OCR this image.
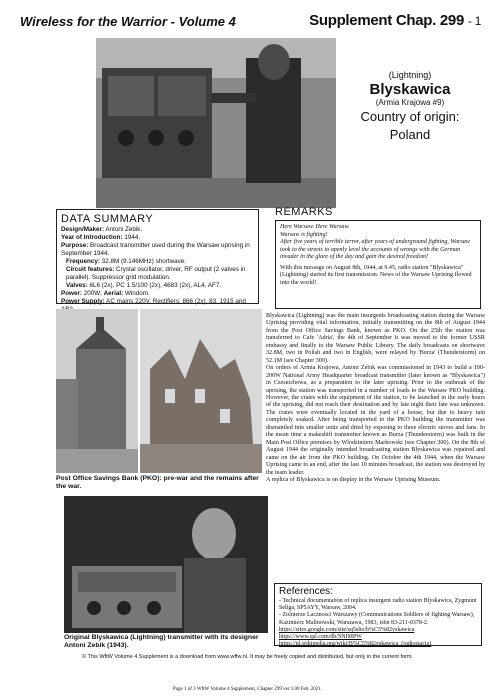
Wireless for the Warrior - Volume 4	Supplement Chap. 299 - 1
(Lightning)
Blyskawica
(Armia Krajowa #9)
Country of origin:
Poland
DATA SUMMARY
Design/Maker: Antoni Zebik.
Year of Introduction: 1944.
Purpose: Broadcast transmitter used during the Warsaw uprising in September 1944.
Frequency: 32.8M (9.146MHz) shortwave.
Circuit features: Crystal oscillator, driver, RF output (2 valves in parallel). Suppressor grid modulation.
Valves: 6L6 (2x), PC 1.5/100 (2x), 4683 (2x), AL4, AF7.
Power: 200W; Aerial: Windom.
Power Supply: AC mains 220V. Rectifiers: 866 (2x), 83, 1915 and
REMARKS
Here Warsaw. Here Warsaw.
Warsaw is fighting!
After five years of terrible terror, after years of underground fighting, Warsaw took to the streets to openly level the accounts of wrongs with the German invader in the glare of the day and gain the desired freedom!
With this message on August 8th, 1944, at 9.45, radio station "Blyskawica" (Lightning) started its first transmission. News of the Warsaw Uprising flowed into the world!

Blyskawica (Lightning) was the main insurgents broadcasting station during the Warsaw Uprising providing vital information, initially transmitting on the 8th of August 1944 from the Post Office Savings Bank, known as PKO. On the 25th the station was transferred to Cafe 'Adria', the 4th of September it was moved to the former USSR embassy and finally to the Warsaw Public Library. The daily broadcasts on shortwave 32.8M, two in Polish and two in English, were relayed by 'Burza' (Thunderstorm) on 52.1M (see Chapter 300).

On orders of Armia Krajowa, Antoni Zebik was commissioned in 1943 to build a 100-200W National Army Headquarter broadcast transmitter (later known as "Blyskawica") in Czestochowa, as a preparation to the later uprising. Prior to the outbreak of the uprising, the station was transported in a number of loads to the Warsaw PKO building. However, the crates with the equipment of the station, to be launched in the early hours of the uprising, did not reach their destination and by late night their fate was unknown. The crates were eventually located in the yard of a house, but due to heavy rain completely soaked. After being transported to the PKO building the transmitter was dismantled into smaller units and dried by exposing to three electric stoves and fans. In the mean time a makeshift transmitter known as Burza (Thunderstorm) was built in the Main Post Office premises by Wlodzimierz Markowski (see Chapter 300). On the 8th of August 1944 the originally intended broadcasting station Blyskawica was repaired and came on the air from the PKO building. On October the 4th 1944, when the Warsaw Uprising came to an end, after the last 10 minutes broadcast, the station was destroyed by the team leader.

A replica of Blyskawica is on display in the Warsaw Uprising Museum.

Post Office Savings Bank (PKO): pre-war and the remains after the war.
Original Blyskawica (Lightning) transmitter with its designer Antoni Zebik (1943).
References:
- Technical documentation of replica insurgent radio station Blyskawica, Zygmunt Seliga, SP5AYY, Warsaw, 2004.
- Zolnierze Lacznosci Warszawy (Communications Soldiers of fighting Warsaw), Kazimierz Malinowski, Warszawa, 1983, isbn 83-211-0378-2.
https://sites.google.com/site/sq5sbo/b%C5%82yskawica
https://www.qsl.com/db/SNIMPW
https://pl.wikipedia.org/wiki/B%C5%82yskawica_(radiostacja)
© This WftW Volume 4 Supplement is a download from www.wftw.nl. It may be freely copied and distributed, but only in the current form.
Page 1 of 3 WftW Volume 4 Supplement, Chapter 299 ver 1.00 Feb. 2021.
